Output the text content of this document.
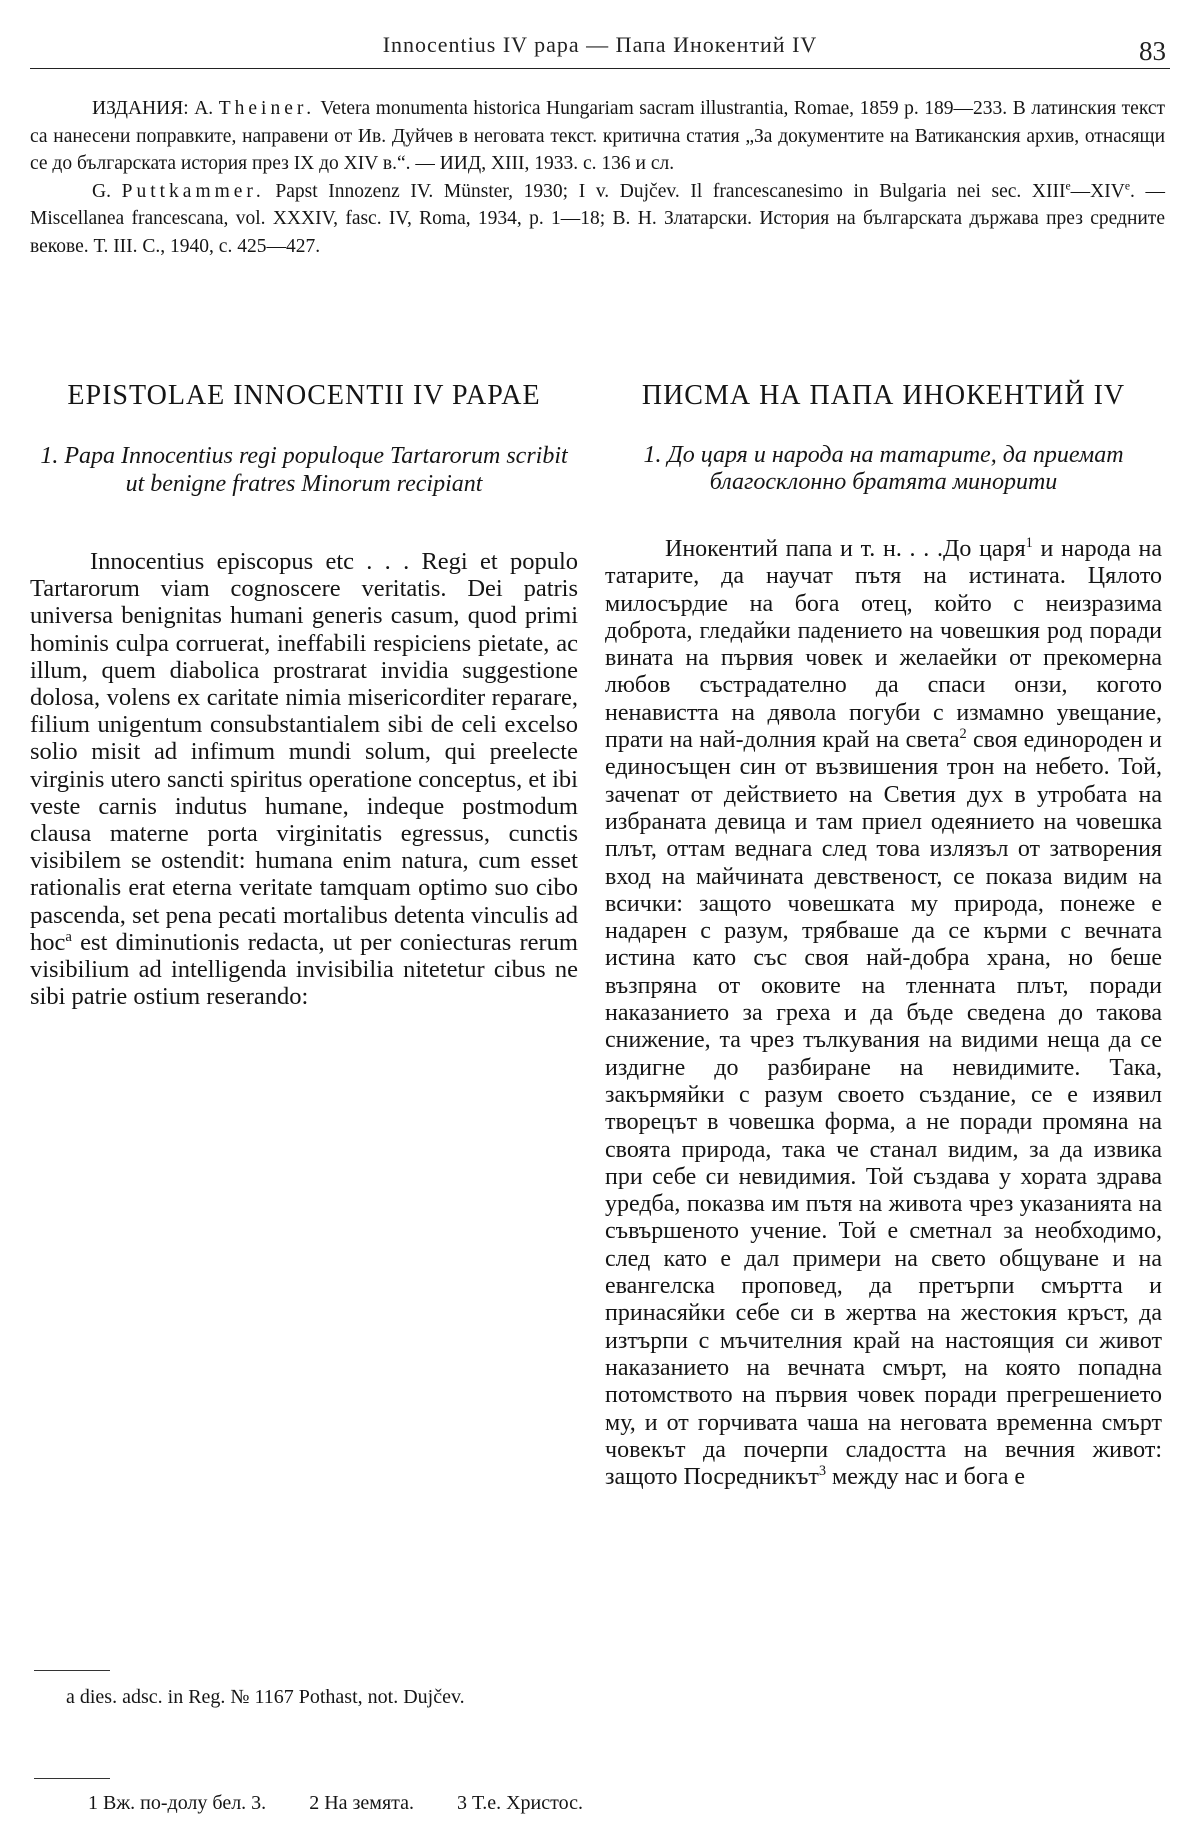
Innocentius IV papa — Папа Инокентий IV	83

ИЗДАНИЯ: А. Theiner. Vetera monumenta historica Hungariam sacram illustrantia, Romae, 1859 p. 189—233. В латинския текст са нанесени поправките, направени от Ив. Дуйчев в неговата текст. критична статия „За документите на Ватиканския архив, отнасящи се до българската история през IX до XIV в.“. — ИИД, XIII, 1933. с. 136 и сл.

G. Puttkammer. Papst Innozenz IV. Münster, 1930; I v. Dujčev. Il francescanesimo in Bulgaria nei sec. XIIIe—XIVe. — Miscellanea francescana, vol. XXXIV, fasc. IV, Roma, 1934, p. 1—18; В. Н. Златарски. История на българската държава през средните векове. Т. III. С., 1940, с. 425—427.

EPISTOLAE INNOCENTII IV PAPAE
1. Papa Innocentius regi populoque Tartarorum scribit ut benigne fratres Minorum recipiant

Innocentius episcopus etc . . . Regi et populo Tartarorum viam cognoscere veritatis. Dei patris universa benignitas humani generis casum, quod primi hominis culpa corruerat, ineffabili respiciens pietate, ac illum, quem diabolica prostrarat invidia suggestione dolosa, volens ex caritate nimia misericorditer reparare, filium unigentum consubstantialem sibi de celi excelso solio misit ad infimum mundi solum, qui preelecte virginis utero sancti spiritus operatione conceptus, et ibi veste carnis indutus humane, indeque postmodum clausa materne porta virginitatis egressus, cunctis visibilem se ostendit: humana enim natura, cum esset rationalis erat eterna veritate tamquam optimo suo cibo pascenda, set pena pecati mortalibus detenta vinculis ad hoc$^a$ est diminutionis redacta, ut per coniecturas rerum visibilium ad intelligenda invisibilia nitetetur cibus ne sibi patrie ostium reserando:

a dies. adsc. in Reg. № 1167 Pothast, not. Dujčev.
ПИСМА НА ПАПА ИНОКЕНТИЙ IV
1. До царя и народа на татарите, да приемат благосклонно братята минорити

Инокентий папа и т. н. . . .До царя$^1$ и народа на татарите, да научат пътя на истината. Цялото милосърдие на бога отец, който с неизразима доброта, гледайки падението на човешкия род поради вината на първия човек и желаейки от прекомерна любов състрадателно да спаси онзи, когото ненавистта на дявола погуби с измамно увещание, прати на най-долния край на света$^2$ своя единороден и единосъщен син от възвишения трон на небето. Той, зачenат от действието на Светия дух в утробата на избраната девица и там приел одеянието на човешка плът, оттам веднага след това излязъл от затворения вход на майчината девственост, се показа видим на всички: защото човешката му природа, понеже е надарен с разум, трябваше да се кърми с вечната истина като със своя най-добра храна, но беше възпряна от оковите на тленната плът, поради наказанието за греха и да бъде сведена до такова снижение, та чрез тълкувания на видими неща да се издигне до разбиране на невидимите. Така, закърмяйки с разум своето създание, се е изявил творецът в човешка форма, а не поради промяна на своята природа, така че станал видим, за да извика при себе си невидимия. Той създава у хората здрава уредба, показва им пътя на живота чрез указанията на съвършеното учение. Той е сметнал за необходимо, след като е дал примери на свето общуване и на евангелска проповед, да претърпи смъртта и принасяйки себе си в жертва на жестокия кръст, да изтърпи с мъчителния край на настоящия си живот наказанието на вечната смърт, на която попадна потомството на първия човек поради прегрешението му, и от горчивата чаша на неговата временна смърт човекът да почерпи сладостта на вечния живот: защото Посредникът$^3$ между нас и бога е

1 Вж. по-долу бел. 3. 2 На земята. 3 Т.е. Христос.
